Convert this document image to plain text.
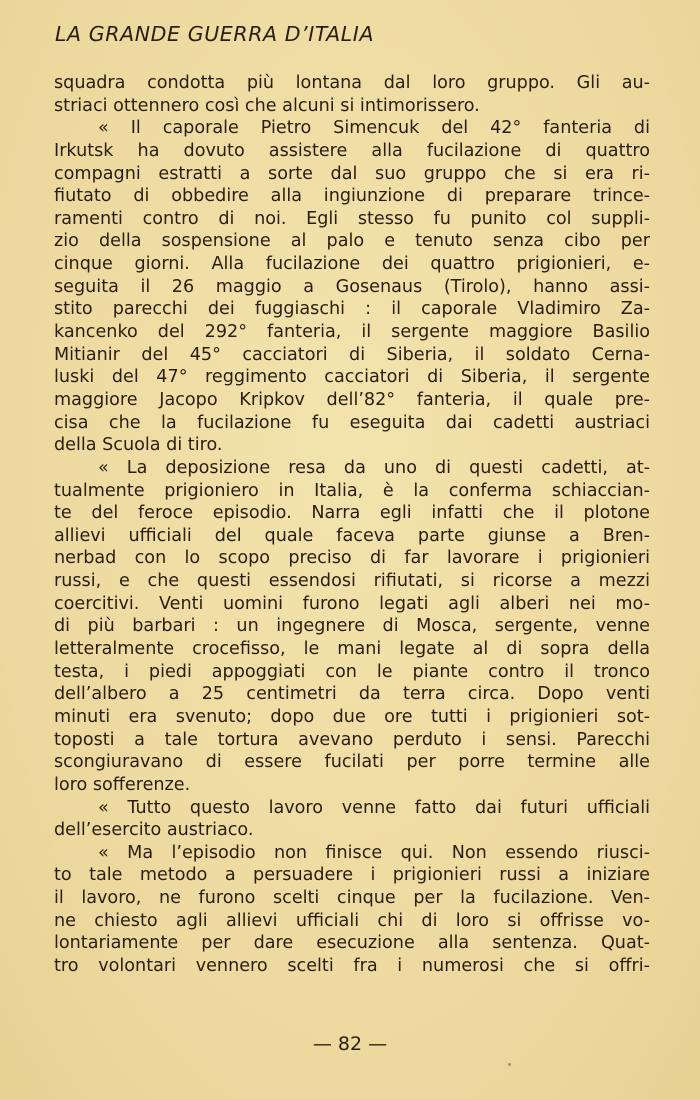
LA GRANDE GUERRA D’ITALIA
squadra condotta più lontana dal loro gruppo. Gli au-
striaci ottennero così che alcuni si intimorissero.
« Il caporale Pietro Simencuk del 42° fanteria di
Irkutsk ha dovuto assistere alla fucilazione di quattro
compagni estratti a sorte dal suo gruppo che si era ri-
fiutato di obbedire alla ingiunzione di preparare trince-
ramenti contro di noi. Egli stesso fu punito col suppli-
zio della sospensione al palo e tenuto senza cibo per
cinque giorni. Alla fucilazione dei quattro prigionieri, e-
seguita il 26 maggio a Gosenaus (Tirolo), hanno assi-
stito parecchi dei fuggiaschi : il caporale Vladimiro Za-
kancenko del 292° fanteria, il sergente maggiore Basilio
Mitianir del 45° cacciatori di Siberia, il soldato Cerna-
luski del 47° reggimento cacciatori di Siberia, il sergente
maggiore Jacopo Kripkov dell’82° fanteria, il quale pre-
cisa che la fucilazione fu eseguita dai cadetti austriaci
della Scuola di tiro.
« La deposizione resa da uno di questi cadetti, at-
tualmente prigioniero in Italia, è la conferma schiaccian-
te del feroce episodio. Narra egli infatti che il plotone
allievi ufficiali del quale faceva parte giunse a Bren-
nerbad con lo scopo preciso di far lavorare i prigionieri
russi, e che questi essendosi rifiutati, si ricorse a mezzi
coercitivi. Venti uomini furono legati agli alberi nei mo-
di più barbari : un ingegnere di Mosca, sergente, venne
letteralmente crocefisso, le mani legate al di sopra della
testa, i piedi appoggiati con le piante contro il tronco
dell’albero a 25 centimetri da terra circa. Dopo venti
minuti era svenuto; dopo due ore tutti i prigionieri sot-
toposti a tale tortura avevano perduto i sensi. Parecchi
scongiuravano di essere fucilati per porre termine alle
loro sofferenze.
« Tutto questo lavoro venne fatto dai futuri ufficiali
dell’esercito austriaco.
« Ma l’episodio non finisce qui. Non essendo riusci-
to tale metodo a persuadere i prigionieri russi a iniziare
il lavoro, ne furono scelti cinque per la fucilazione. Ven-
ne chiesto agli allievi ufficiali chi di loro si offrisse vo-
lontariamente per dare esecuzione alla sentenza. Quat-
tro volontari vennero scelti fra i numerosi che si offri-
— 82 —
